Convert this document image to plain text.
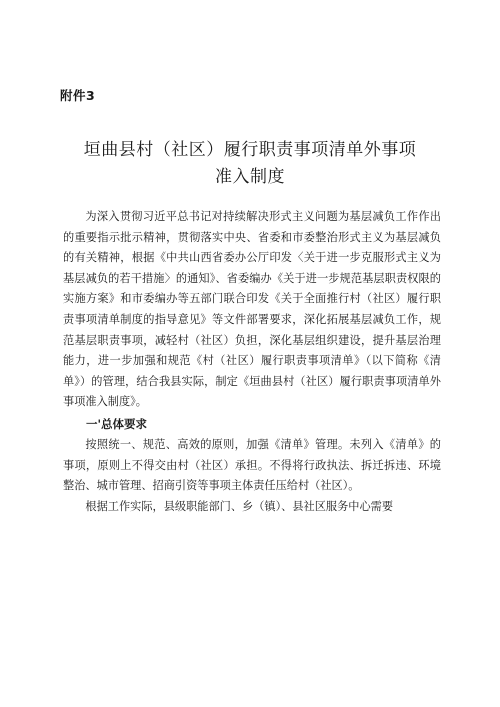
附件3
垣曲县村（社区）履行职责事项清单外事项
准入制度

为深入贯彻习近平总书记对持续解决形式主义问题为基层减负工作作出的重要指示批示精神，贯彻落实中央、省委和市委整治形式主义为基层减负的有关精神，根据《中共山西省委办公厅印发〈关于进一步克服形式主义为基层减负的若干措施〉的通知》、省委编办《关于进一步规范基层职责权限的实施方案》和市委编办等五部门联合印发《关于全面推行村（社区）履行职责事项清单制度的指导意见》等文件部署要求，深化拓展基层减负工作，规范基层职责事项，减轻村（社区）负担，深化基层组织建设，提升基层治理能力，进一步加强和规范《村（社区）履行职责事项清单》（以下简称《清单》）的管理，结合我县实际，制定《垣曲县村（社区）履行职责事项清单外事项准入制度》。

一'总体要求

按照统一、规范、高效的原则，加强《清单》管理。未列入《清单》的事项，原则上不得交由村（社区）承担。不得将行政执法、拆迁拆违、环境整治、城市管理、招商引资等事项主体责任压给村（社区）。

根据工作实际，县级职能部门、乡（镇）、县社区服务中心需要
